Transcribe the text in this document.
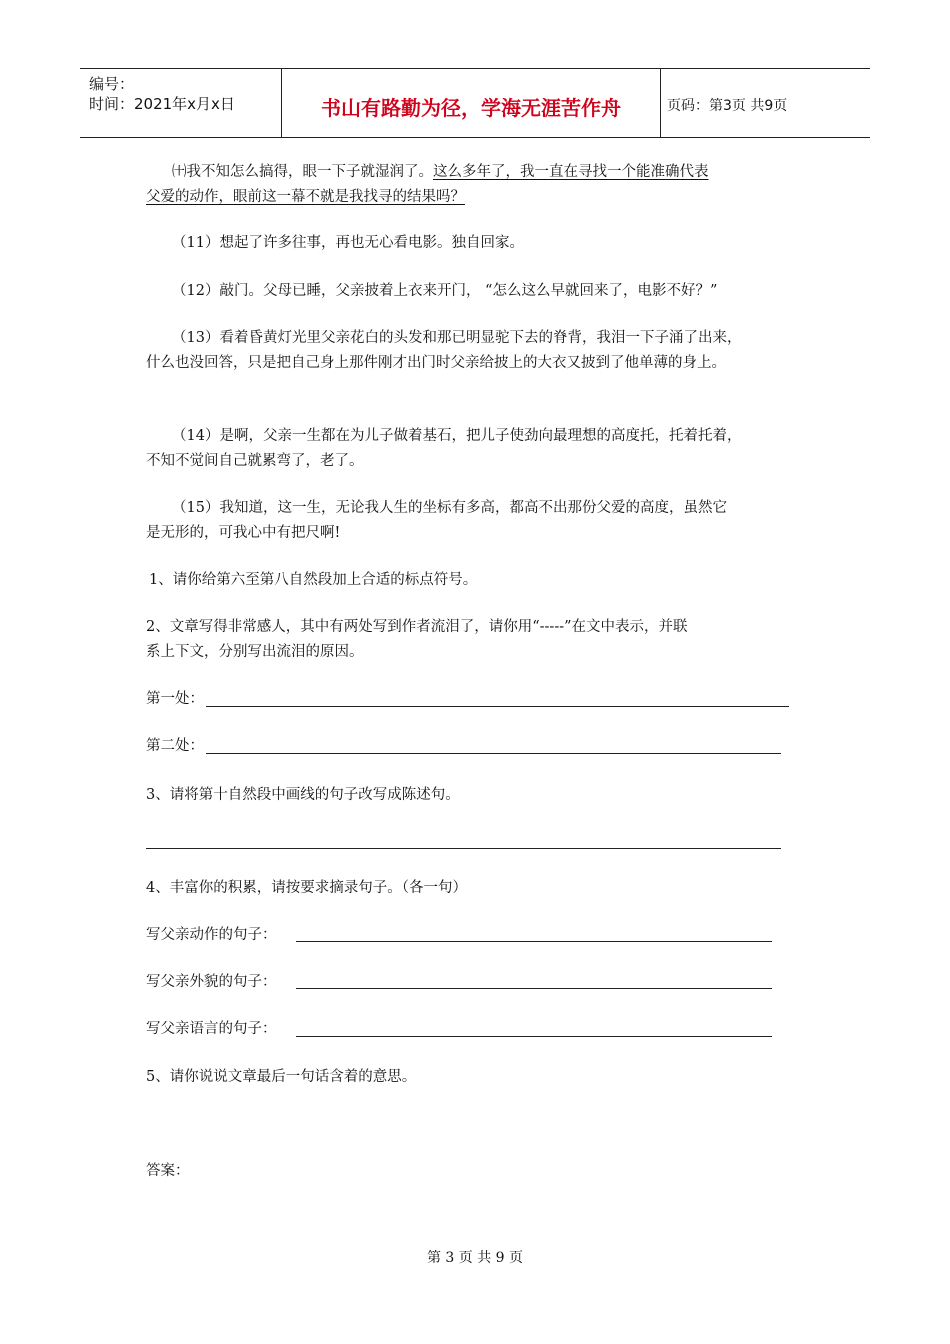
编号：
时间：2021年x月x日	书山有路勤为径，学海无涯苦作舟	页码：第3页 共9页
㈩我不知怎么搞得，眼一下子就湿润了。这么多年了，我一直在寻找一个能准确代表
父爱的动作，眼前这一幕不就是我找寻的结果吗？
（11）想起了许多往事，再也无心看电影。独自回家。
（12）敲门。父母已睡，父亲披着上衣来开门， “怎么这么早就回来了，电影不好？”
（13）看着昏黄灯光里父亲花白的头发和那已明显驼下去的脊背，我泪一下子涌了出来，
什么也没回答，只是把自己身上那件刚才出门时父亲给披上的大衣又披到了他单薄的身上。
（14）是啊，父亲一生都在为儿子做着基石，把儿子使劲向最理想的高度托，托着托着，
不知不觉间自己就累弯了，老了。
（15）我知道，这一生，无论我人生的坐标有多高，都高不出那份父爱的高度，虽然它
是无形的，可我心中有把尺啊!
1、请你给第六至第八自然段加上合适的标点符号。
2、文章写得非常感人，其中有两处写到作者流泪了，请你用“-----”在文中表示，并联
系上下文，分别写出流泪的原因。
第一处：
第二处：
3、请将第十自然段中画线的句子改写成陈述句。
4、丰富你的积累，请按要求摘录句子。（各一句）
写父亲动作的句子：
写父亲外貌的句子：
写父亲语言的句子：
5、请你说说文章最后一句话含着的意思。
答案：
第 3 页 共 9 页
